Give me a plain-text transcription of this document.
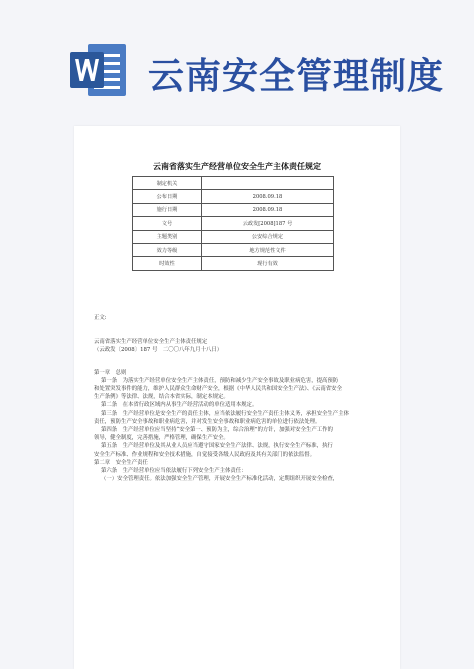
云南安全管理制度
云南省落实生产经营单位安全生产主体责任规定
制定机关	
公布日期	2008.09.18
施行日期	2008.09.18
文号	云政发[2008]187 号
主题类别	公安综合规定
效力等级	地方规范性文件
时效性	现行有效

正文:

云南省落实生产经营单位安全生产主体责任规定

（云政发〔2008〕187 号　二〇〇八年九月十八日）

第一章　总则

第一条　为落实生产经营单位安全生产主体责任，预防和减少生产安全事故及职业病危害，提高预防

和处置突发事件的能力，维护人民群众生命财产安全，根据《中华人民共和国安全生产法》、《云南省安全

生产条例》等法律、法规，结合本省实际，制定本规定。

第二条　在本省行政区域内从事生产经营活动的单位适用本规定。

第三条　生产经营单位是安全生产的责任主体，应当依法履行安全生产责任主体义务，承担安全生产主体

责任，预防生产安全事故和职业病危害，并对发生安全事故和职业病危害的单位进行依法处理。

第四条　生产经营单位应当坚持“安全第一、预防为主，综合治理”的方针，加强对安全生产工作的

领导，健全制度，完善措施，严格管理，确保生产安全。

第五条　生产经营单位及其从业人员应当遵守国家安全生产法律、法规，执行安全生产标准，执行

安全生产标准、作业规程和安全技术措施，自觉接受各级人民政府及其有关部门的依法监督。

第二章　安全生产责任

第六条　生产经营单位应当依法履行下列安全生产主体责任：

（一）安全管理责任。依法加强安全生产管理，开展安全生产标准化活动，定期组织开展安全检查，
